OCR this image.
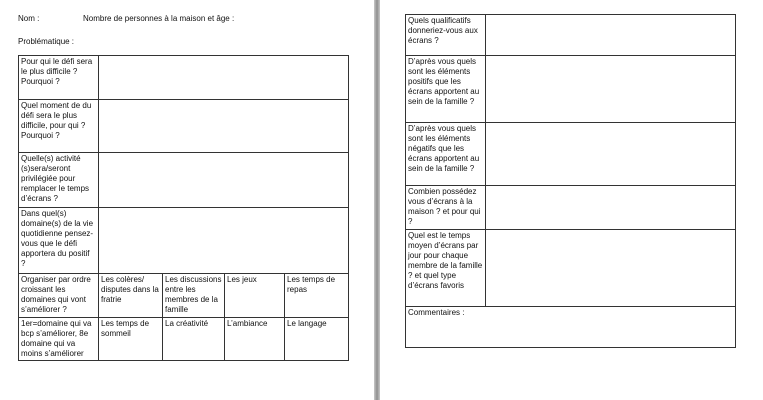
Nom :	Nombre de personnes à la maison et âge :
Problématique :
Pour qui le défi sera le plus difficile ? Pourquoi ?				
Quel moment de du défi sera le plus difficile, pour qui ? Pourquoi ?				
Quelle(s) activité (s)sera/seront privilégiée pour remplacer le temps d’écrans ?				
Dans quel(s) domaine(s) de la vie quotidienne pensez-vous que le défi apportera du positif ?				
Organiser par ordre croissant les domaines qui vont s’améliorer ?	Les colères/ disputes dans la fratrie	Les discussions entre les membres de la famille	Les jeux	Les temps de repas
1er=domaine qui va bcp s’améliorer, 8e domaine qui va moins s’améliorer	Les temps de sommeil	La créativité	L’ambiance	Le langage
Quels qualificatifs donneriez-vous aux écrans ?	
D’après vous quels sont les éléments positifs que les écrans apportent au sein de la famille ?	
D’après vous quels sont les éléments négatifs que les écrans apportent au sein de la famille ?	
Combien possédez vous d’écrans à la maison ? et pour qui ?	
Quel est le temps moyen d’écrans par jour pour chaque membre de la famille ? et quel type d’écrans favoris	
Commentaires :	
